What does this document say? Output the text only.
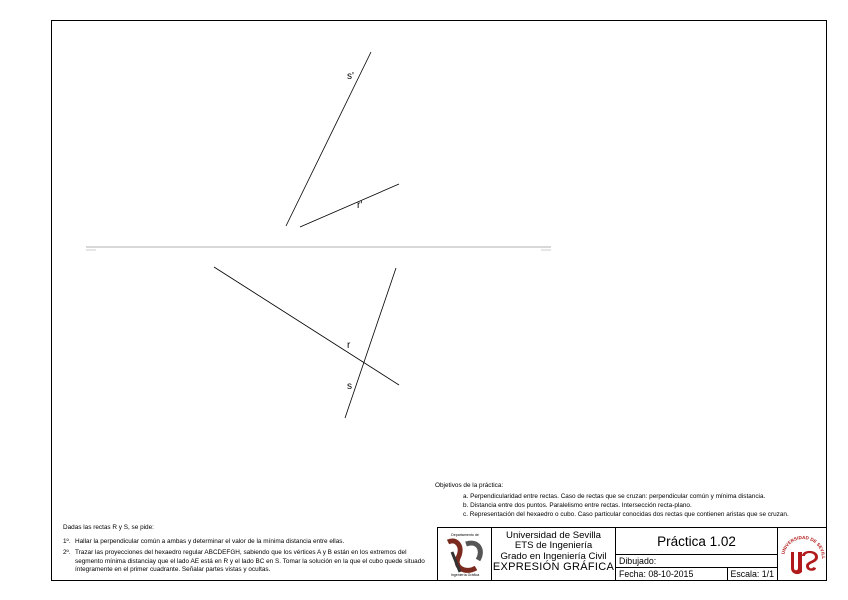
s'
r'
r
s
Objetivos de la práctica:
a. Perpendicularidad entre rectas. Caso de rectas que se cruzan: perpendicular común y mínima distancia.
b. Distancia entre dos puntos. Paralelismo entre rectas. Intersección recta-plano.
c. Representación del hexaedro o cubo. Caso particular conocidas dos rectas que contienen aristas que se cruzan.

Dadas las rectas R y S, se pide:

1º. Hallar la perpendicular común a ambas y determinar el valor de la mínima distancia entre ellas.
2º. Trazar las proyecciones del hexaedro regular ABCDEFGH, sabiendo que los vértices A y B están en los extremos del segmento mínima distanciay que el lado AE está en R y el lado BC en S. Tomar la solución en la que el cubo quede situado íntegramente en el primer cuadrante. Señalar partes vistas y ocultas.
Departamento de
Ingeniería Gráfica
Universidad de Sevilla
ETS de Ingeniería
Grado en Ingeniería Civil
EXPRESIÓN GRÁFICA
Práctica 1.02
Dibujado:
Fecha: 08-10-2015	Escala: 1/1
UNIVERSIDAD DE SEVILL
